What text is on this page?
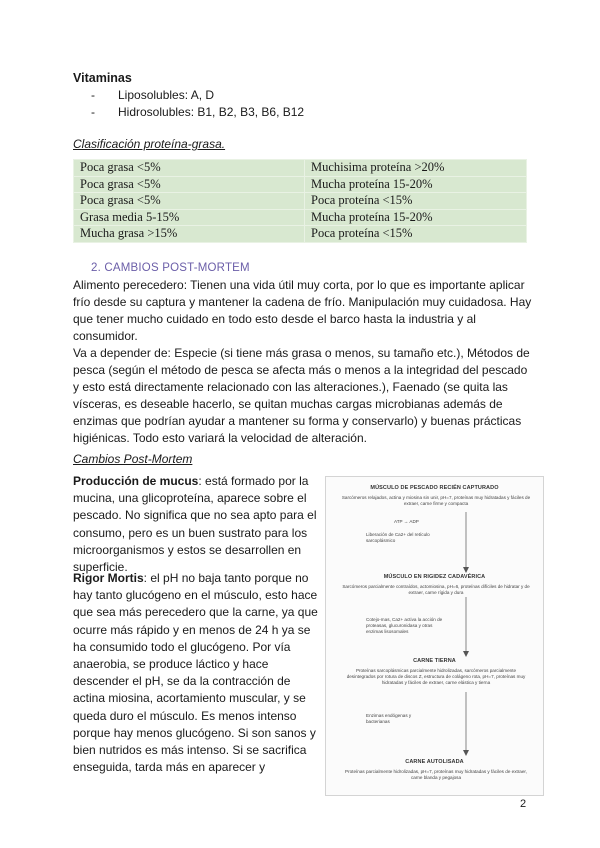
Vitaminas
- Liposolubles: A, D
- Hidrosolubles: B1, B2, B3, B6, B12
Clasificación proteína-grasa.
Poca grasa <5%	Muchisima proteína >20%
Poca grasa <5%	Mucha proteína 15-20%
Poca grasa <5%	Poca proteína <15%
Grasa media 5-15%	Mucha proteína 15-20%
Mucha grasa >15%	Poca proteína <15%
2. CAMBIOS POST-MORTEM
Alimento perecedero: Tienen una vida útil muy corta, por lo que es importante aplicar frío desde su captura y mantener la cadena de frío. Manipulación muy cuidadosa. Hay que tener mucho cuidado en todo esto desde el barco hasta la industria y al consumidor.
Va a depender de: Especie (si tiene más grasa o menos, su tamaño etc.), Métodos de pesca (según el método de pesca se afecta más o menos a la integridad del pescado y esto está directamente relacionado con las alteraciones.), Faenado (se quita las vísceras, es deseable hacerlo, se quitan muchas cargas microbianas además de enzimas que podrían ayudar a mantener su forma y conservarlo) y buenas prácticas higiénicas. Todo esto variará la velocidad de alteración.
Cambios Post-Mortem
Producción de mucus: está formado por la mucina, una glicoproteína, aparece sobre el pescado. No significa que no sea apto para el consumo, pero es un buen sustrato para los microorganismos y estos se desarrollen en superficie.
Rigor Mortis: el pH no baja tanto porque no hay tanto glucógeno en el músculo, esto hace que sea más perecedero que la carne, ya que ocurre más rápido y en menos de 24 h ya se ha consumido todo el glucógeno. Por vía anaerobia, se produce láctico y hace descender el pH, se da la contracción de actina miosina, acortamiento muscular, y se queda duro el músculo. Es menos intenso porque hay menos glucógeno. Si son sanos y bien nutridos es más intenso. Si se sacrifica enseguida, tarda más en aparecer y
MÚSCULO DE PESCADO RECIÉN CAPTURADO
Sarcómeros relajados, actina y miosina sin unir, pH=7, proteínas muy hidratadas y fáciles de extraer, carne firme y compacta
ATP → ADP
Liberación de Ca2+ del retículo sarcoplásmico
MÚSCULO EN RIGIDEZ CADAVÉRICA
Sarcómeros parcialmente contraídos, actomiosina, pH=6, proteínas difíciles de hidratar y de extraer, carne rígida y dura
Cotejo-mas, Ca2+ activa la acción de proteasas, glucuronidasa y otras enzimas lisosomales
CARNE TIERNA
Proteínas sarcoplásmicas parcialmente hidrolizadas, sarcómeros parcialmente desintegrados por rotura de discos Z, estructura de colágeno rota, pH=7, proteínas muy hidratadas y fáciles de extraer, carne elástica y tierna
Enzimas endógenas y bacterianas
CARNE AUTOLISADA
Proteínas parcialmente hidrolizadas, pH=7, proteínas muy hidratadas y fáciles de extraer, carne blanda y pegajosa
2
